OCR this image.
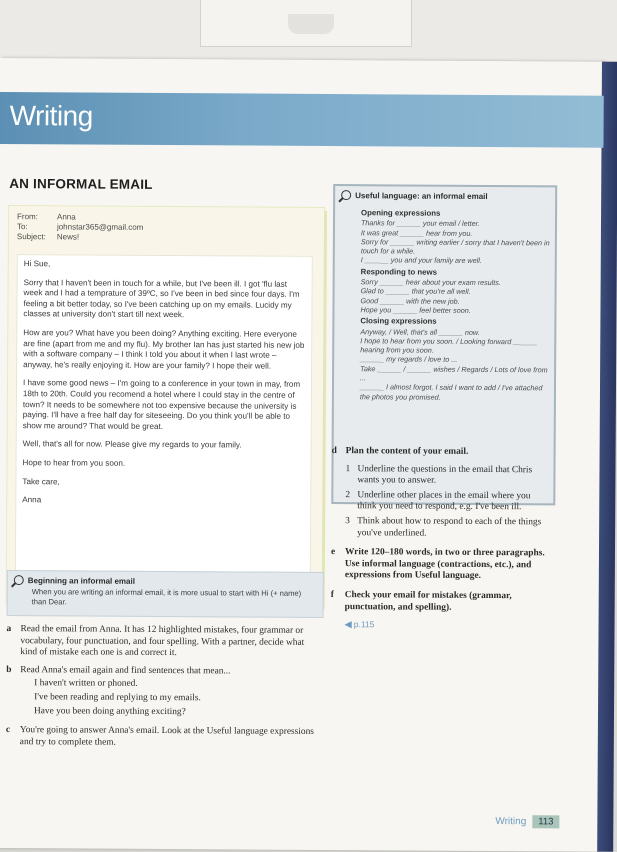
Writing
AN INFORMAL EMAIL
From:	Anna
To:	johnstar365@gmail.com
Subject:	News!

Hi Sue,

Sorry that I haven't been in touch for a while, but I've been ill. I got 'flu last week and I had a temprature of 39ºC, so I've been in bed since four days. I'm feeling a bit better today, so I've been catching up on my emails. Lucidy my classes at university don't start till next week.

How are you? What have you been doing? Anything exciting. Here everyone are fine (apart from me and my flu). My brother Ian has just started his new job with a software company – I think I told you about it when I last wrote – anyway, he's really enjoying it. How are your family? I hope their well.

I have some good news – I'm going to a conference in your town in may, from 18th to 20th. Could you recomend a hotel where I could stay in the centre of town? It needs to be somewhere not too expensive because the university is paying. I'll have a free half day for siteseeing. Do you think you'll be able to show me around? That would be great.

Well, that's all for now. Please give my regards to your family.

Hope to hear from you soon.

Take care,

Anna

Useful language: an informal email
Opening expressions
Thanks for ______ your email / letter.
It was great ______ hear from you.
Sorry for ______ writing earlier / sorry that I haven't been in touch for a while.
I ______ you and your family are well.
Responding to news
Sorry ______ hear about your exam results.
Glad to ______ that you're all well.
Good ______ with the new job.
Hope you ______ feel better soon.
Closing expressions
Anyway, / Well, that's all ______ now.
I hope to hear from you soon. / Looking forward ______ hearing from you soon.
______ my regards / love to ...
Take ______ / ______ wishes / Regards / Lots of love from ...
______ I almost forgot. I said I want to add / I've attached the photos you promised.
Beginning an informal email
When you are writing an informal email, it is more usual to start with Hi (+ name) than Dear.
a Read the email from Anna. It has 12 highlighted mistakes, four grammar or vocabulary, four punctuation, and four spelling. With a partner, decide what kind of mistake each one is and correct it.
b Read Anna's email again and find sentences that mean...
I haven't written or phoned.
I've been reading and replying to my emails.
Have you been doing anything exciting?
c	You're going to answer Anna's email. Look at the Useful language expressions and try to complete them.
d Plan the content of your email.
1 Underline the questions in the email that Chris wants you to answer.
2 Underline other places in the email where you think you need to respond, e.g. I've been ill.
3 Think about how to respond to each of the things you've underlined.
e	Write 120–180 words, in two or three paragraphs. Use informal language (contractions, etc.), and expressions from Useful language.
f	Check your email for mistakes (grammar, punctuation, and spelling).
◀ p.115
Writing	113
